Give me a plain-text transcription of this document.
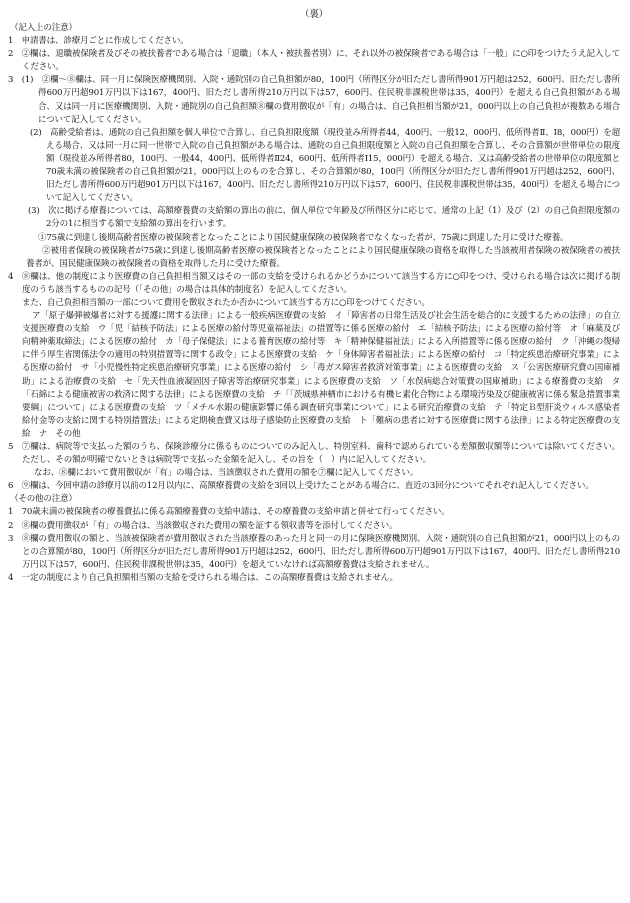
（裏）
（記入上の注意）

1　申請書は、診療月ごとに作成してください。

2　②欄は、退職被保険者及びその被扶養者である場合は「退職」（本人・被扶養者別）に、それ以外の被保険者である場合は「一般」に○印をつけたうえ記入してください。

3　(1)　②欄〜⑧欄は、同一月に保険医療機関別、入院・通院別の自己負担額が80，100円（所得区分が旧ただし書所得901万円超は252，600円、旧ただし書所得600万円超901万円以下は167，400円、旧ただし書所得210万円以下は57，600円、住民税非課税世帯は35，400円）を超える自己負担額がある場合、又は同一月に医療機関別、入院・通院別の自己負担額⑧欄の費用徴収が「有」の場合は、自己負担相当額が21，000円以上の自己負担が複数ある場合について記入してください。

(2)　高齢受給者は、通院の自己負担額を個人単位で合算し、自己負担限度額（現役並み所得者44，400円、一般12，000円、低所得者Ⅱ、Ⅰ8，000円）を超える場合、又は同一月に同一世帯で入院の自己負担額がある場合は、通院の自己負担限度額と入院の自己負担額を合算し、その合算額が世帯単位の限度額（現役並み所得者80，100円、一般44，400円、低所得者Ⅱ24，600円、低所得者Ⅰ15，000円）を超える場合、又は高齢受給者の世帯単位の限度額と70歳未満の被保険者の自己負担額が21，000円以上のものを合算し、その合算額が80，100円（所得区分が旧ただし書所得901万円超は252，600円、旧ただし書所得600万円超901万円以下は167，400円、旧ただし書所得210万円以下は57，600円、住民税非課税世帯は35，400円）を超える場合について記入してください。

(3)　次に掲げる療養については、高額療養費の支給額の算出の前に、個人単位で年齢及び所得区分に応じて、通常の上記（1）及び（2）の自己負担限度額の2分の1に相当する額で支給額の算出を行います。

①75歳に到達し後期高齢者医療の被保険者となったことにより国民健康保険の被保険者でなくなった者が、75歳に到達した月に受けた療養。

②被用者保険の被保険者が75歳に到達し後期高齢者医療の被保険者となったことにより国民健康保険の資格を取得した当該被用者保険の被保険者の被扶養者が、国民健康保険の被保険者の資格を取得した月に受けた療養。

4　⑧欄は、他の制度により医療費の自己負担相当額又はその一部の支給を受けられるかどうかについて該当する方に○印をつけ、受けられる場合は次に掲げる制度のうち該当するものの記号（「その他」の場合は具体的制度名）を記入してください。

また、自己負担相当額の一部について費用を徴収されたか否かについて該当する方に○印をつけてください。

ア「原子爆弾被爆者に対する援護に関する法律」による一般疾病医療費の支給　イ「障害者の日常生活及び社会生活を総合的に支援するための法律」の自立支援医療費の支給　ウ「児「結核予防法」による医療の給付等児童福祉法」の措置等に係る医療の給付　エ「結核予防法」による医療の給付等　オ「麻薬及び向精神薬取締法」による医療の給付　カ「母子保健法」による養育医療の給付等　キ「精神保健福祉法」による入所措置等に係る医療の給付　ク「沖縄の復帰に伴う厚生省関係法令の適用の特別措置等に関する政令」による医療費の支給　ケ「身体障害者福祉法」による医療の給付　コ「特定疾患治療研究事業」による医療の給付　サ「小児慢性特定疾患治療研究事業」による医療の給付　シ「毒ガス障害者救済対策事業」による医療費の支給　ス「公害医療研究費の国庫補助」による治療費の支給　セ「先天性血液凝固因子障害等治療研究事業」による医療費の支給　ソ「水俣病総合対策費の国庫補助」による療養費の支給　タ「石綿による健康被害の救済に関する法律」による医療費の支給　チ「「茨城県神栖市における有機ヒ素化合物による環境汚染及び健康被害に係る緊急措置事業要綱」について」による医療費の支給　ツ「メチル水銀の健康影響に係る調査研究事業について」による研究治療費の支給　テ「特定Ｂ型肝炎ウィルス感染者給付金等の支給に関する特別措置法」による定期検査費又は母子感染防止医療費の支給　ト「難病の患者に対する医療費に関する法律」による特定医療費の支給　ナ　その他

5　⑦欄は、病院等で支払った額のうち、保険診療分に係るものについてのみ記入し、特別室料、歯科で認められている差額徴収額等については除いてください。ただし、その額が明確でないときは病院等で支払った金額を記入し、その旨を（　）内に記入してください。

なお、⑧欄において費用徴収が「有」の場合は、当該徴収された費用の額を⑦欄に記入してください。

6　⑨欄は、今回申請の診療月以前の12月以内に、高額療養費の支給を3回以上受けたことがある場合に、直近の3回分についてそれぞれ記入してください。

（その他の注意）

1　70歳未満の被保険者の療養費払に係る高額療養費の支給申請は、その療養費の支給申請と併せて行ってください。

2　⑧欄の費用徴収が「有」の場合は、当該徴収された費用の額を証する領収書等を添付してください。

3　⑧欄の費用徴収の額と、当該被保険者が費用徴収された当該療養のあった月と同一の月に保険医療機関別、入院・通院別の自己負担額が21，000円以上のものとの合算額が80，100円（所得区分が旧ただし書所得901万円超は252，600円、旧ただし書所得600万円超901万円以下は167，400円、旧ただし書所得210万円以下は57，600円、住民税非課税世帯は35，400円）を超えていなければ高額療養費は支給されません。

4　一定の制度により自己負担額相当額の支給を受けられる場合は、この高額療養費は支給されません。
